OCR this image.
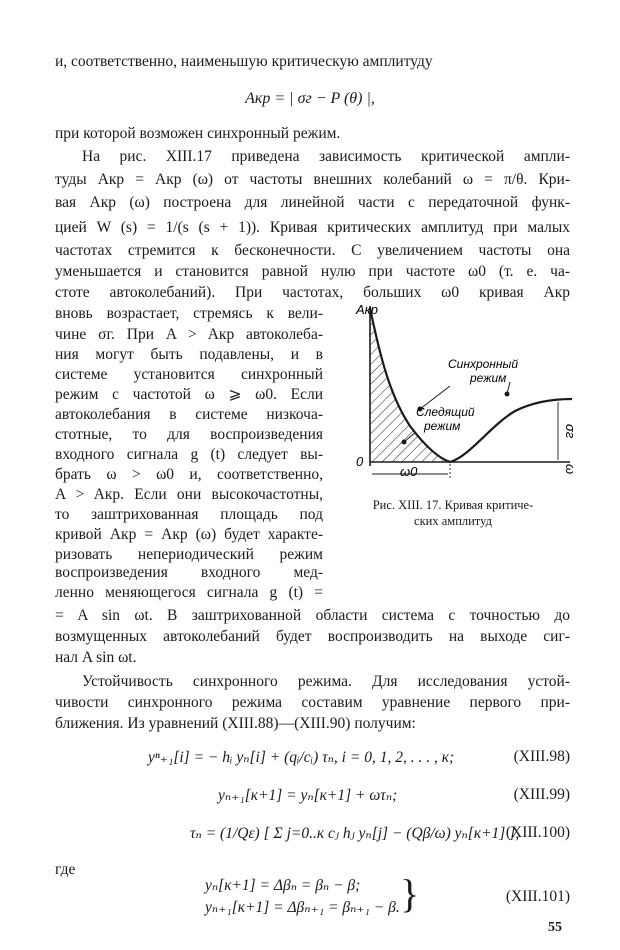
и, соответственно, наименьшую критическую амплитуду
Aкр = | σг − P (θ) |,
при которой возможен синхронный режим.
На рис. XIII.17 приведена зависимость критической ампли-
туды Aкр = Aкр (ω) от частоты внешних колебаний ω = π/θ. Кри-
вая Aкр (ω) построена для линейной части с передаточной функ-
цией W (s) = 1/(s (s + 1)). Кривая критических амплитуд при малых
частотах стремится к бесконечности. С увеличением частоты она
уменьшается и становится равной нулю при частоте ω0 (т. е. ча-
стоте автоколебаний). При частотах, больших ω0 кривая Aкр
вновь возрастает, стремясь к вели-
чине σг. При A > Aкр автоколеба-
ния могут быть подавлены, и в
системе установится синхронный
режим с частотой ω ⩾ ω0. Если
автоколебания в системе низкоча-
стотные, то для воспроизведения
входного сигнала g (t) следует вы-
брать ω > ω0 и, соответственно,
A > Aкр. Если они высокочастотны,
то заштрихованная площадь под
кривой Aкр = Aкр (ω) будет характе-
ризовать непериодический режим
воспроизведения входного мед-
ленно меняющегося сигнала g (t) =
Aкр
Синхронный
режим
Следящий
режим
0
ω0
σг
ω
Рис. XIII. 17. Кривая критиче-
ских амплитуд
= A sin ωt. В заштрихованной области система с точностью до
возмущенных автоколебаний будет воспроизводить на выходе сиг-
нал A sin ωt.
Устойчивость синхронного режима. Для исследования устой-
чивости синхронного режима составим уравнение первого при-
ближения. Из уравнений (XIII.88)—(XIII.90) получим:
yⁿ₊₁[i] = − hᵢ yₙ[i] + (qᵢ/cᵢ) τₙ, i = 0, 1, 2, . . . , к;	(XIII.98)
yₙ₊₁[к+1] = yₙ[к+1] + ωτₙ;	(XIII.99)
τₙ = (1/Qε) [ Σ j=0..к cⱼ hⱼ yₙ[j] − (Qβ/ω) yₙ[к+1] ],
(XIII.100)
где
yₙ[к+1] = Δβₙ = βₙ − β;
yₙ₊₁[к+1] = Δβₙ₊₁ = βₙ₊₁ − β. }	(XIII.101)
55
